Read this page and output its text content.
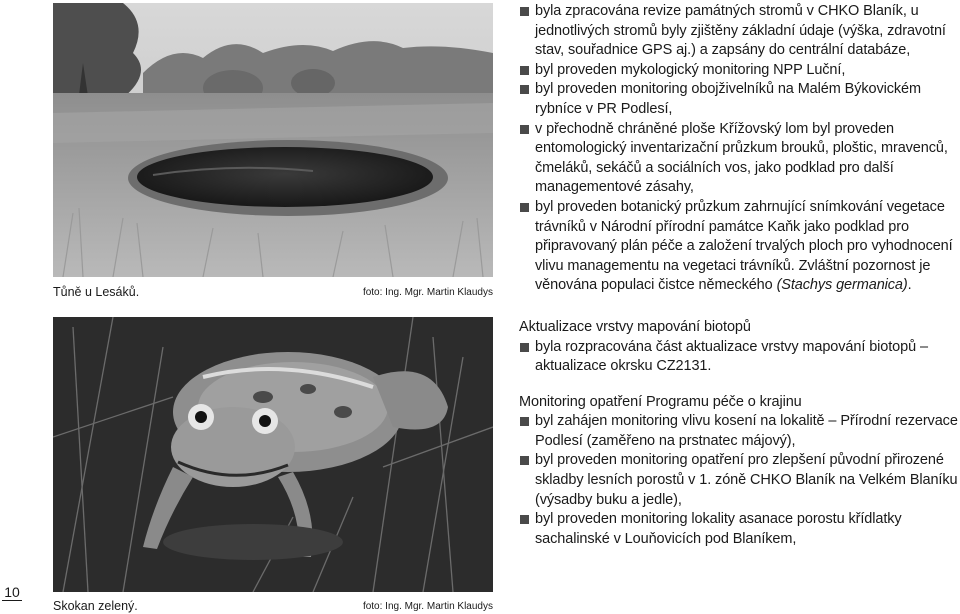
Tůně u Lesáků.	foto: Ing. Mgr. Martin Klaudys
Skokan zelený.	foto: Ing. Mgr. Martin Klaudys
10
byla zpracována revize památných stromů v CHKO Blaník, u jednotlivých stromů byly zjištěny základní údaje (výška, zdravotní stav, souřadnice GPS aj.) a zapsány do centrální databáze,
byl proveden mykologický monitoring NPP Luční,
byl proveden monitoring obojživelníků na Malém Býkovickém rybníce v PR Podlesí,
v přechodně chráněné ploše Křížovský lom byl proveden entomologický inventarizační průzkum brouků, ploštic, mravenců, čmeláků, sekáčů a sociálních vos, jako podklad pro další managementové zásahy,
byl proveden botanický průzkum zahrnující snímkování vegetace trávníků v Národní přírodní památce Kaňk jako podklad pro připravovaný plán péče a založení trvalých ploch pro vyhodnocení vlivu managementu na vegetaci trávníků. Zvláštní pozornost je věnována populaci čistce německého (Stachys germanica).

Aktualizace vrstvy mapování biotopů

byla rozpracována část aktualizace vrstvy mapování biotopů – aktualizace okrsku CZ2131.

Monitoring opatření Programu péče o krajinu

byl zahájen monitoring vlivu kosení na lokalitě – Přírodní rezervace Podlesí (zaměřeno na prstnatec májový),
byl proveden monitoring opatření pro zlepšení původní přirozené skladby lesních porostů v 1. zóně CHKO Blaník na Velkém Blaníku (výsadby buku a jedle),
byl proveden monitoring lokality asanace porostu křídlatky sachalinské v Louňovicích pod Blaníkem,
